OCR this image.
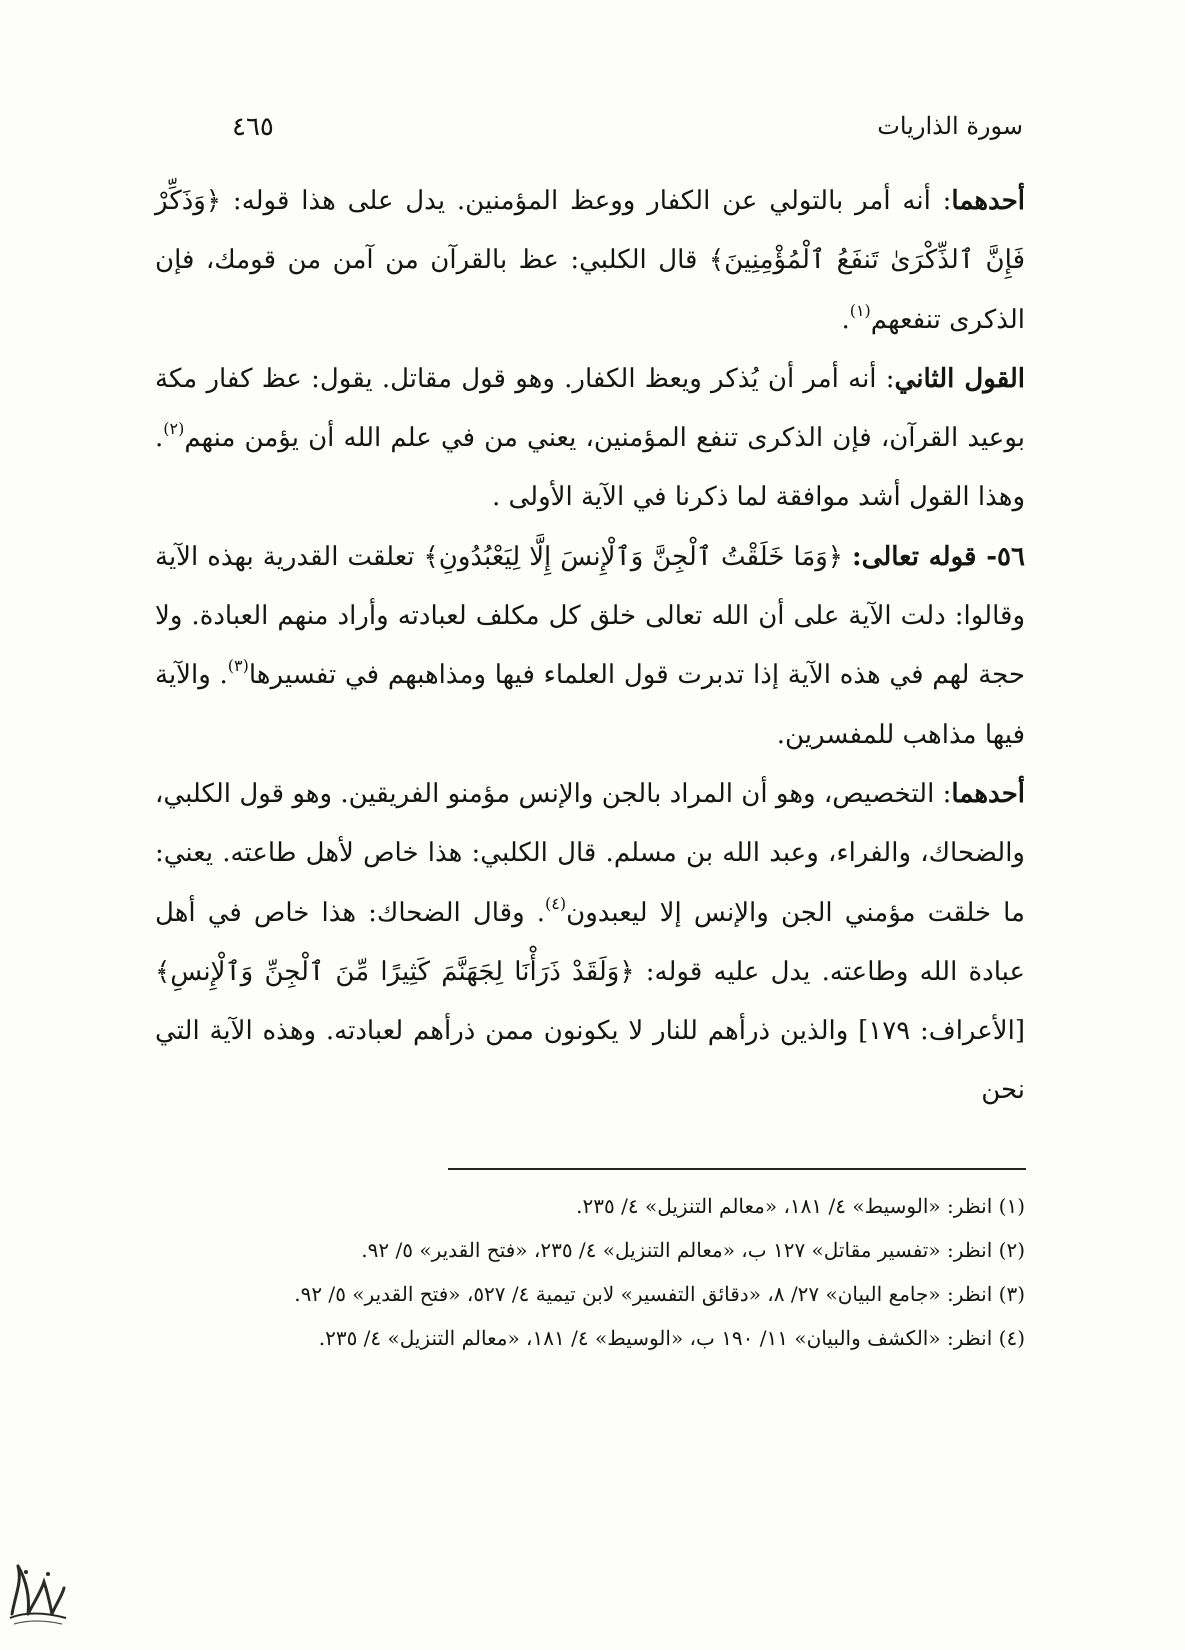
سورة الذاريات
٤٦٥

أحدهما: أنه أمر بالتولي عن الكفار ووعظ المؤمنين. يدل على هذا قوله: ﴿وَذَكِّرْ فَإِنَّ ٱلذِّكْرَىٰ تَنفَعُ ٱلْمُؤْمِنِينَ﴾ قال الكلبي: عظ بالقرآن من آمن من قومك، فإن الذكرى تنفعهم$^{(١)}$.

القول الثاني: أنه أمر أن يُذكر ويعظ الكفار. وهو قول مقاتل. يقول: عظ كفار مكة بوعيد القرآن، فإن الذكرى تنفع المؤمنين، يعني من في علم الله أن يؤمن منهم$^{(٢)}$. وهذا القول أشد موافقة لما ذكرنا في الآية الأولى .

٥٦- قوله تعالى: ﴿وَمَا خَلَقْتُ ٱلْجِنَّ وَٱلْإِنسَ إِلَّا لِيَعْبُدُونِ﴾ تعلقت القدرية بهذه الآية وقالوا: دلت الآية على أن الله تعالى خلق كل مكلف لعبادته وأراد منهم العبادة. ولا حجة لهم في هذه الآية إذا تدبرت قول العلماء فيها ومذاهبهم في تفسيرها$^{(٣)}$. والآية فيها مذاهب للمفسرين.

أحدهما: التخصيص، وهو أن المراد بالجن والإنس مؤمنو الفريقين. وهو قول الكلبي، والضحاك، والفراء، وعبد الله بن مسلم. قال الكلبي: هذا خاص لأهل طاعته. يعني: ما خلقت مؤمني الجن والإنس إلا ليعبدون$^{(٤)}$. وقال الضحاك: هذا خاص في أهل عبادة الله وطاعته. يدل عليه قوله: ﴿وَلَقَدْ ذَرَأْنَا لِجَهَنَّمَ كَثِيرًا مِّنَ ٱلْجِنِّ وَٱلْإِنسِ﴾ [الأعراف: ١٧٩] والذين ذرأهم للنار لا يكونون ممن ذرأهم لعبادته. وهذه الآية التي نحن

(١) انظر: «الوسيط» ٤/ ١٨١، «معالم التنزيل» ٤/ ٢٣٥.

(٢) انظر: «تفسير مقاتل» ١٢٧ ب، «معالم التنزيل» ٤/ ٢٣٥، «فتح القدير» ٥/ ٩٢.

(٣) انظر: «جامع البيان» ٢٧/ ٨، «دقائق التفسير» لابن تيمية ٤/ ٥٢٧، «فتح القدير» ٥/ ٩٢.

(٤) انظر: «الكشف والبيان» ١١/ ١٩٠ ب، «الوسيط» ٤/ ١٨١، «معالم التنزيل» ٤/ ٢٣٥.
